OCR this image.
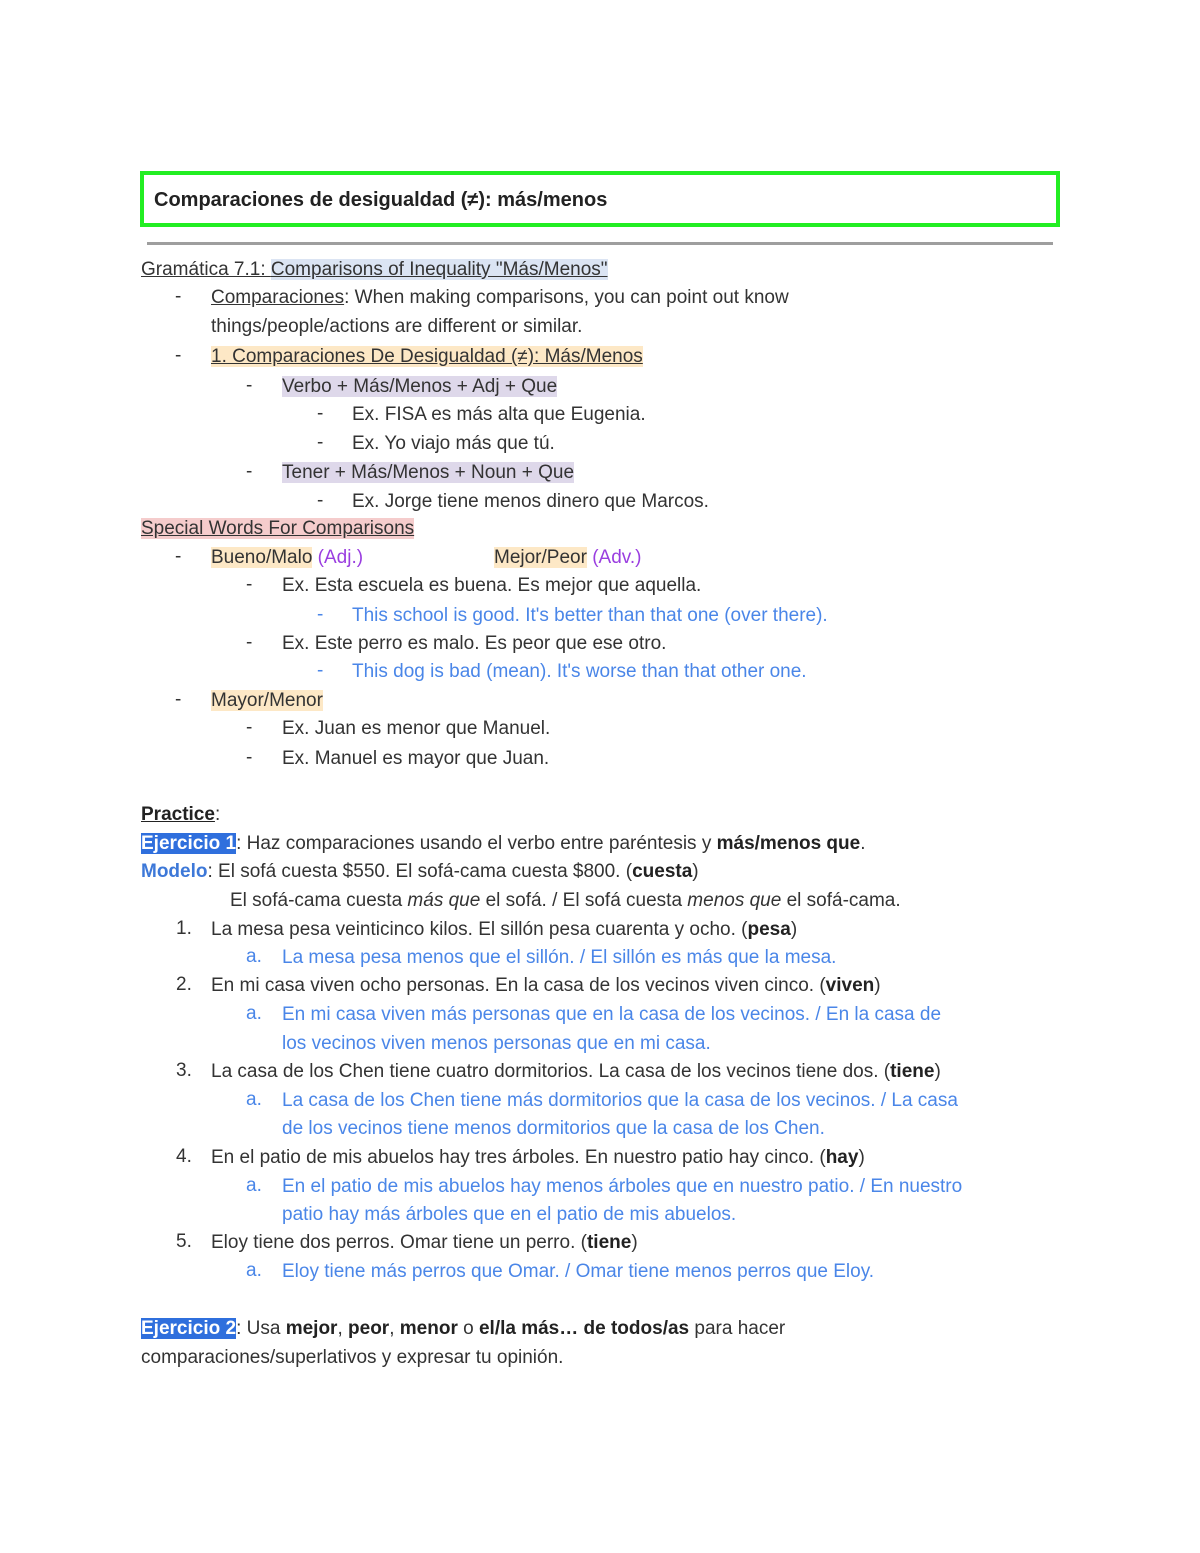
Comparaciones de desigualdad (≠): más/menos
Gramática 7.1: Comparisons of Inequality "Más/Menos"
- Comparaciones: When making comparisons, you can point out know
things/people/actions are different or similar.
- 1. Comparaciones De Desigualdad (≠): Más/Menos
- Verbo + Más/Menos + Adj + Que
- Ex. FISA es más alta que Eugenia.
- Ex. Yo viajo más que tú.
- Tener + Más/Menos + Noun + Que
- Ex. Jorge tiene menos dinero que Marcos.
Special Words For Comparisons
- Bueno/Malo (Adj.)	Mejor/Peor (Adv.)
- Ex. Esta escuela es buena. Es mejor que aquella.
- This school is good. It's better than that one (over there).
- Ex. Este perro es malo. Es peor que ese otro.
- This dog is bad (mean). It's worse than that other one.
- Mayor/Menor
- Ex. Juan es menor que Manuel.
- Ex. Manuel es mayor que Juan.
Practice:
Ejercicio 1: Haz comparaciones usando el verbo entre paréntesis y más/menos que.
Modelo: El sofá cuesta $550. El sofá-cama cuesta $800. (cuesta)
El sofá-cama cuesta más que el sofá. / El sofá cuesta menos que el sofá-cama.
1. La mesa pesa veinticinco kilos. El sillón pesa cuarenta y ocho. (pesa)
a. La mesa pesa menos que el sillón. / El sillón es más que la mesa.
2. En mi casa viven ocho personas. En la casa de los vecinos viven cinco. (viven)
a. En mi casa viven más personas que en la casa de los vecinos. / En la casa de
los vecinos viven menos personas que en mi casa.
3. La casa de los Chen tiene cuatro dormitorios. La casa de los vecinos tiene dos. (tiene)
a. La casa de los Chen tiene más dormitorios que la casa de los vecinos. / La casa
de los vecinos tiene menos dormitorios que la casa de los Chen.
4. En el patio de mis abuelos hay tres árboles. En nuestro patio hay cinco. (hay)
a. En el patio de mis abuelos hay menos árboles que en nuestro patio. / En nuestro
patio hay más árboles que en el patio de mis abuelos.
5. Eloy tiene dos perros. Omar tiene un perro. (tiene)
a. Eloy tiene más perros que Omar. / Omar tiene menos perros que Eloy.
Ejercicio 2: Usa mejor, peor, menor o el/la más… de todos/as para hacer
comparaciones/superlativos y expresar tu opinión.
